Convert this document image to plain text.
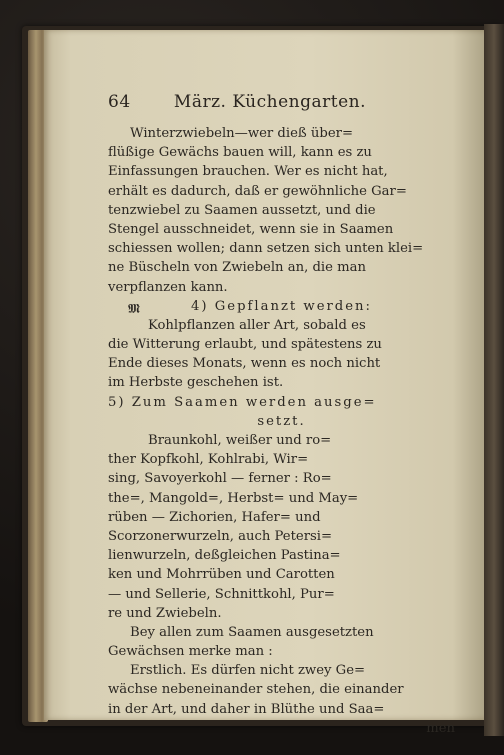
64	März. Küchengarten.
𝕸
Winterzwiebeln—wer dieß über=
flüßige Gewächs bauen will, kann es zu
Einfassungen brauchen. Wer es nicht hat,
erhält es dadurch, daß er gewöhnliche Gar=
tenzwiebel zu Saamen aussetzt, und die
Stengel ausschneidet, wenn sie in Saamen
schiessen wollen; dann setzen sich unten klei=
ne Büscheln von Zwiebeln an, die man
verpflanzen kann.
4) Gepflanzt werden:
Kohlpflanzen aller Art, sobald es
die Witterung erlaubt, und spätestens zu
Ende dieses Monats, wenn es noch nicht
im Herbste geschehen ist.
5) Zum Saamen werden ausge=
setzt.
Braunkohl, weißer und ro=
ther Kopfkohl, Kohlrabi, Wir=
sing, Savoyerkohl — ferner : Ro=
the=, Mangold=, Herbst= und May=
rüben — Zichorien, Hafer= und
Scorzonerwurzeln, auch Petersi=
lienwurzeln, deßgleichen Pastina=
ken und Mohrrüben und Carotten
— und Sellerie, Schnittkohl, Pur=
re und Zwiebeln.
Bey allen zum Saamen ausgesetzten
Gewächsen merke man :
Erstlich. Es dürfen nicht zwey Ge=
wächse nebeneinander stehen, die einander
in der Art, und daher in Blüthe und Saa=
men
